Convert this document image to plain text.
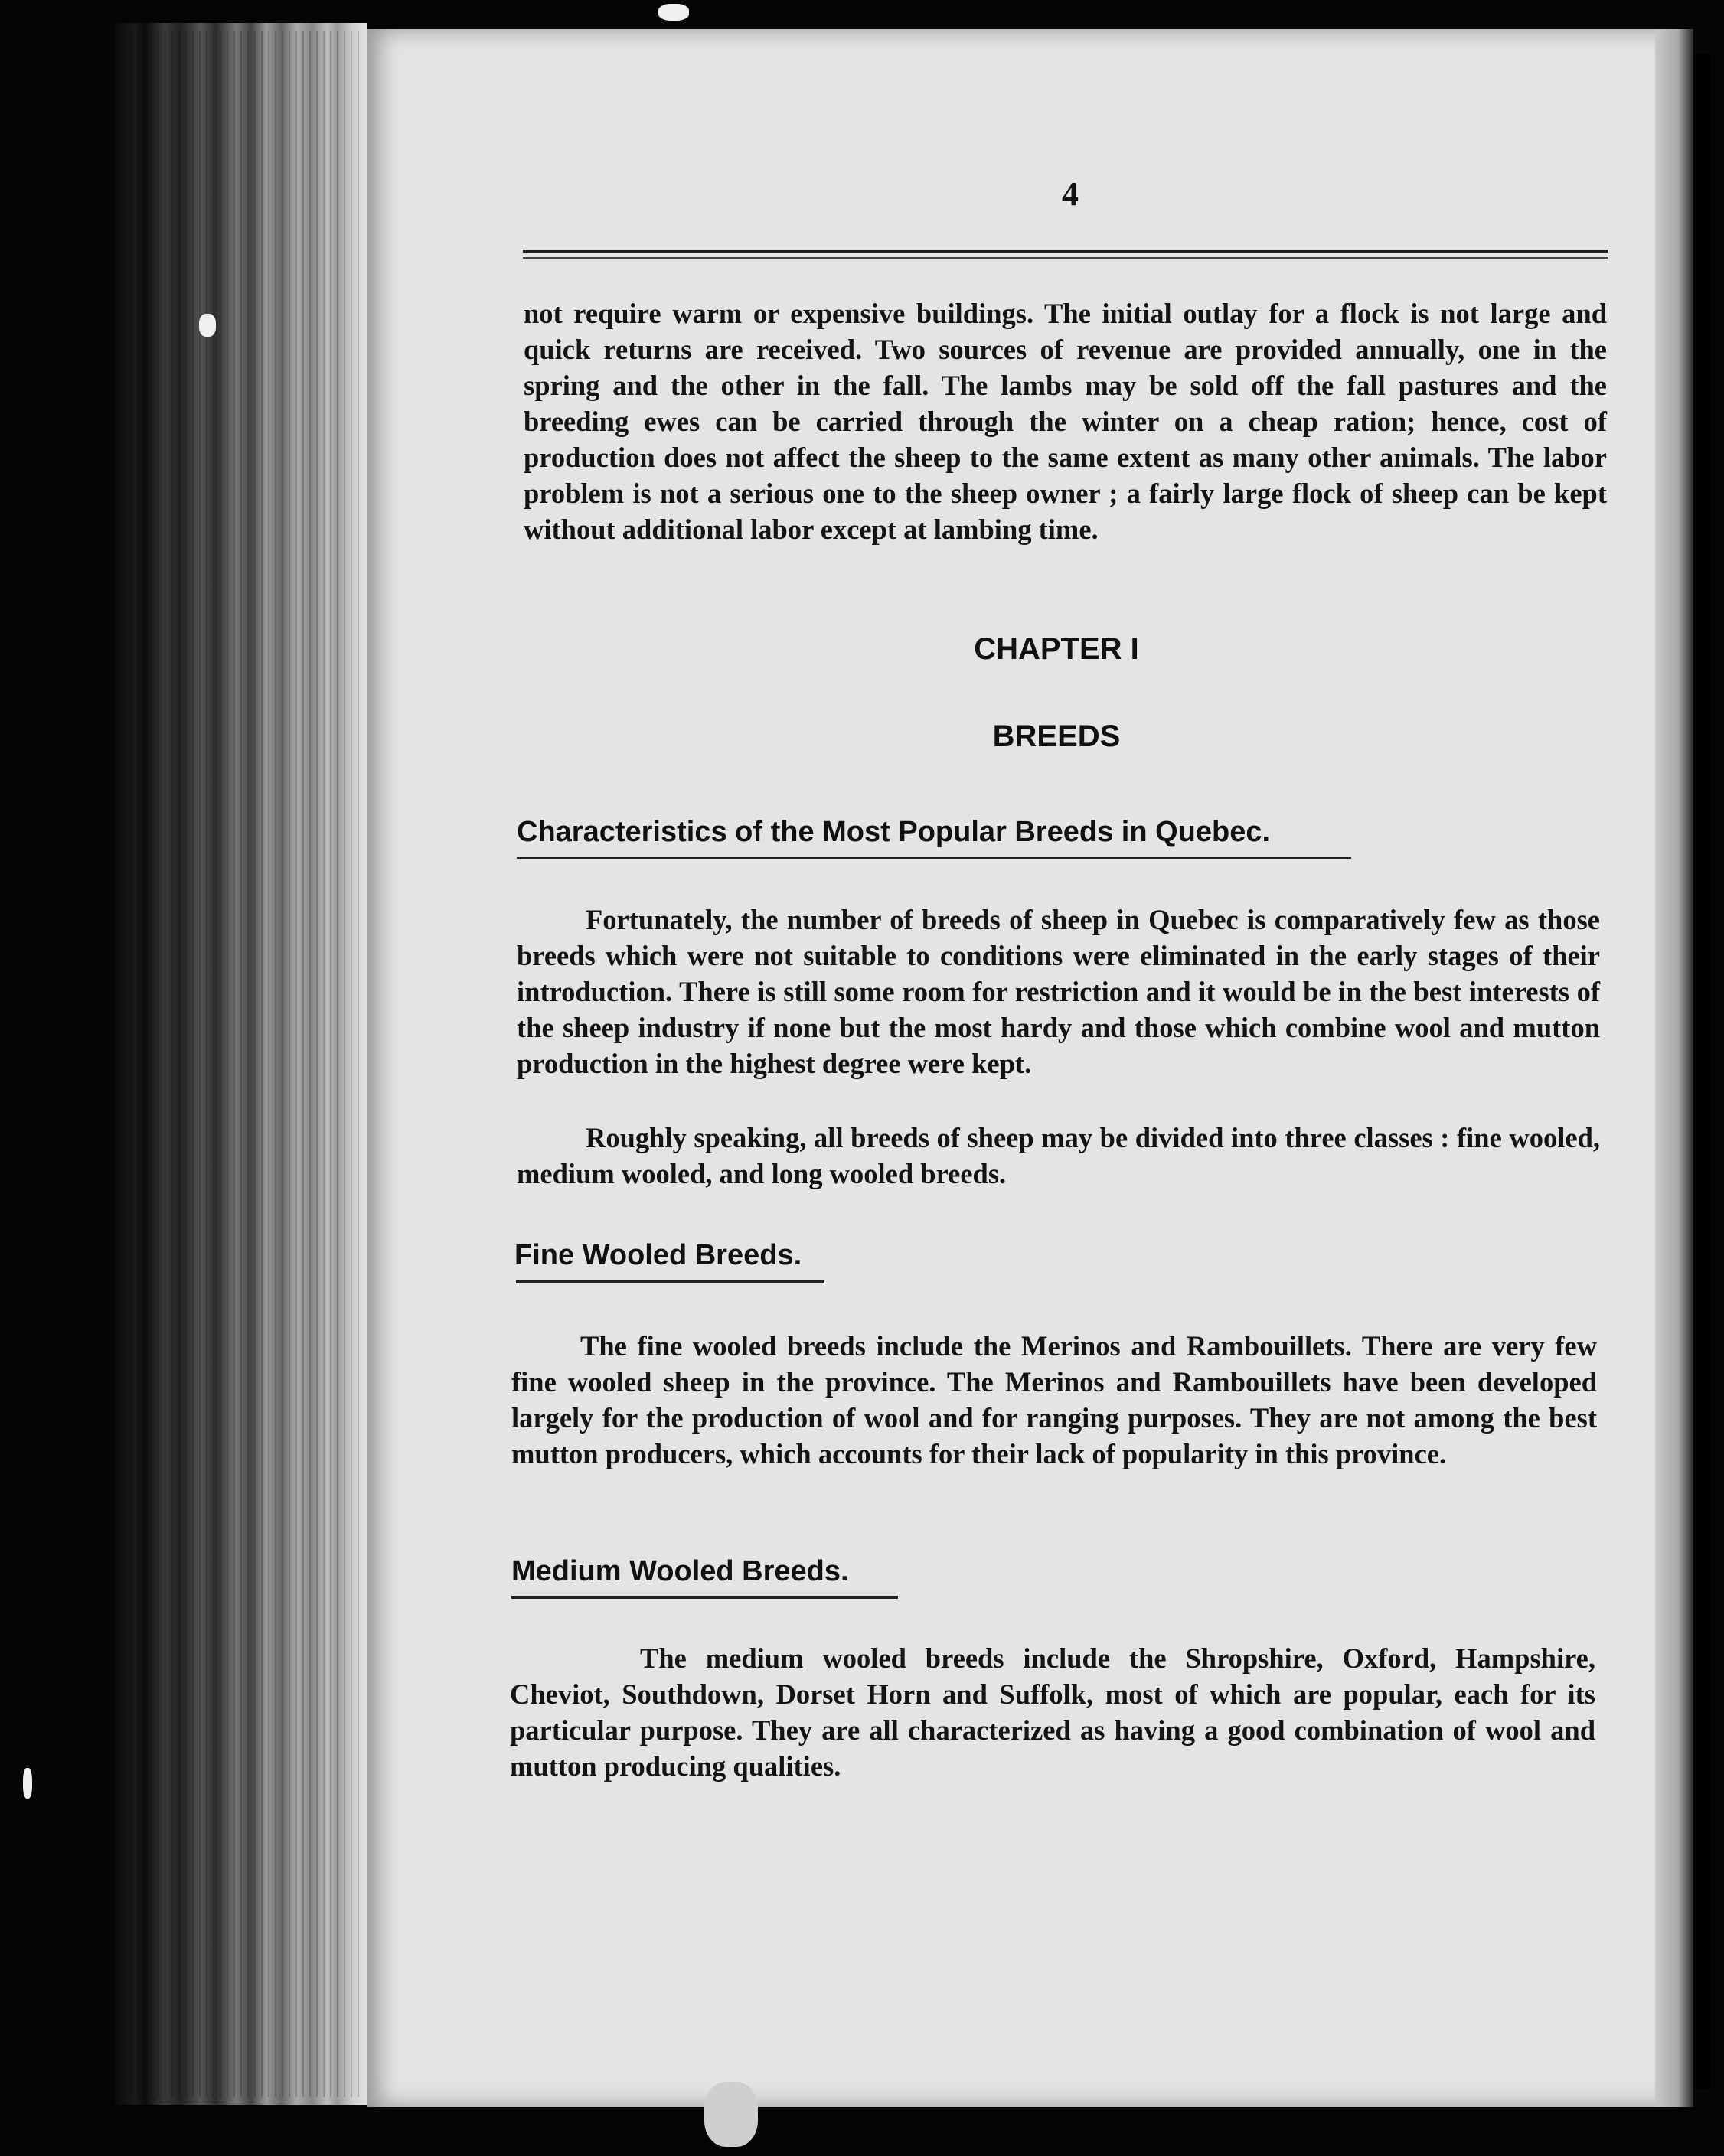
4

not require warm or expensive buildings. The initial outlay for a flock is not large and quick returns are received. Two sources of revenue are provided annually, one in the spring and the other in the fall. The lambs may be sold off the fall pastures and the breeding ewes can be carried through the winter on a cheap ration; hence, cost of production does not affect the sheep to the same extent as many other animals. The labor problem is not a serious one to the sheep owner ; a fairly large flock of sheep can be kept without additional labor except at lambing time.

CHAPTER I
BREEDS
Characteristics of the Most Popular Breeds in Quebec.

Fortunately, the number of breeds of sheep in Quebec is comparatively few as those breeds which were not suitable to conditions were eliminated in the early stages of their introduction. There is still some room for restriction and it would be in the best interests of the sheep industry if none but the most hardy and those which combine wool and mutton production in the highest degree were kept.

Roughly speaking, all breeds of sheep may be divided into three classes : fine wooled, medium wooled, and long wooled breeds.

Fine Wooled Breeds.

The fine wooled breeds include the Merinos and Rambouillets. There are very few fine wooled sheep in the province. The Merinos and Rambouillets have been developed largely for the production of wool and for ranging purposes. They are not among the best mutton producers, which accounts for their lack of popularity in this province.

Medium Wooled Breeds.

The medium wooled breeds include the Shropshire, Oxford, Hampshire, Cheviot, Southdown, Dorset Horn and Suffolk, most of which are popular, each for its particular purpose. They are all characterized as having a good combination of wool and mutton producing qualities.
